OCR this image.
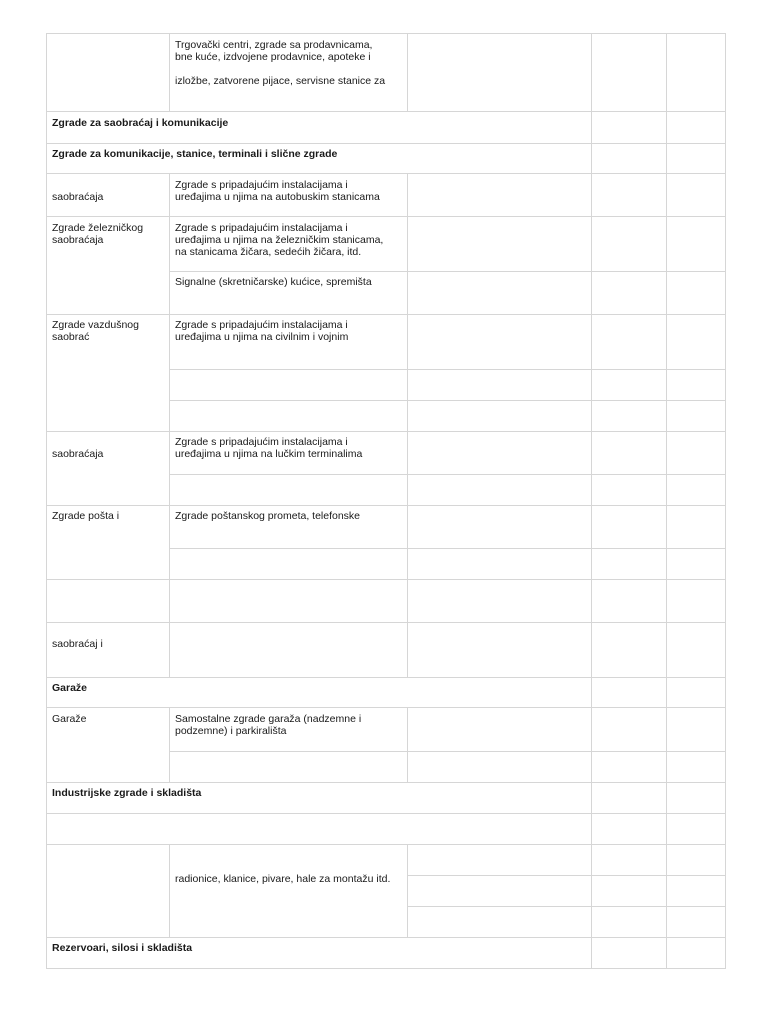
Trgovački centri, zgrade sa prodavnicama,
bne kuće, izdvojene prodavnice, apoteke i
izložbe, zatvorene pijace, servisne stanice za
Zgrade za saobraćaj i komunikacije
Zgrade za komunikacije, stanice, terminali i slične zgrade
saobraćaja
Zgrade s pripadajućim instalacijama i
uređajima u njima na autobuskim stanicama
Zgrade železničkog
saobraćaja
Zgrade s pripadajućim instalacijama i
uređajima u njima na železničkim stanicama,
na stanicama žičara, sedećih žičara, itd.
Signalne (skretničarske) kućice, spremišta
Zgrade vazdušnog
saobrać
Zgrade s pripadajućim instalacijama i
uređajima u njima na civilnim i vojnim
saobraćaja
Zgrade s pripadajućim instalacijama i
uređajima u njima na lučkim terminalima
Zgrade pošta i	Zgrade poštanskog prometa, telefonske
saobraćaj i
Garaže
Garaže	Samostalne zgrade garaža (nadzemne i
podzemne) i parkirališta
Industrijske zgrade i skladišta
radionice, klanice, pivare, hale za montažu itd.
Rezervoari, silosi i skladišta
